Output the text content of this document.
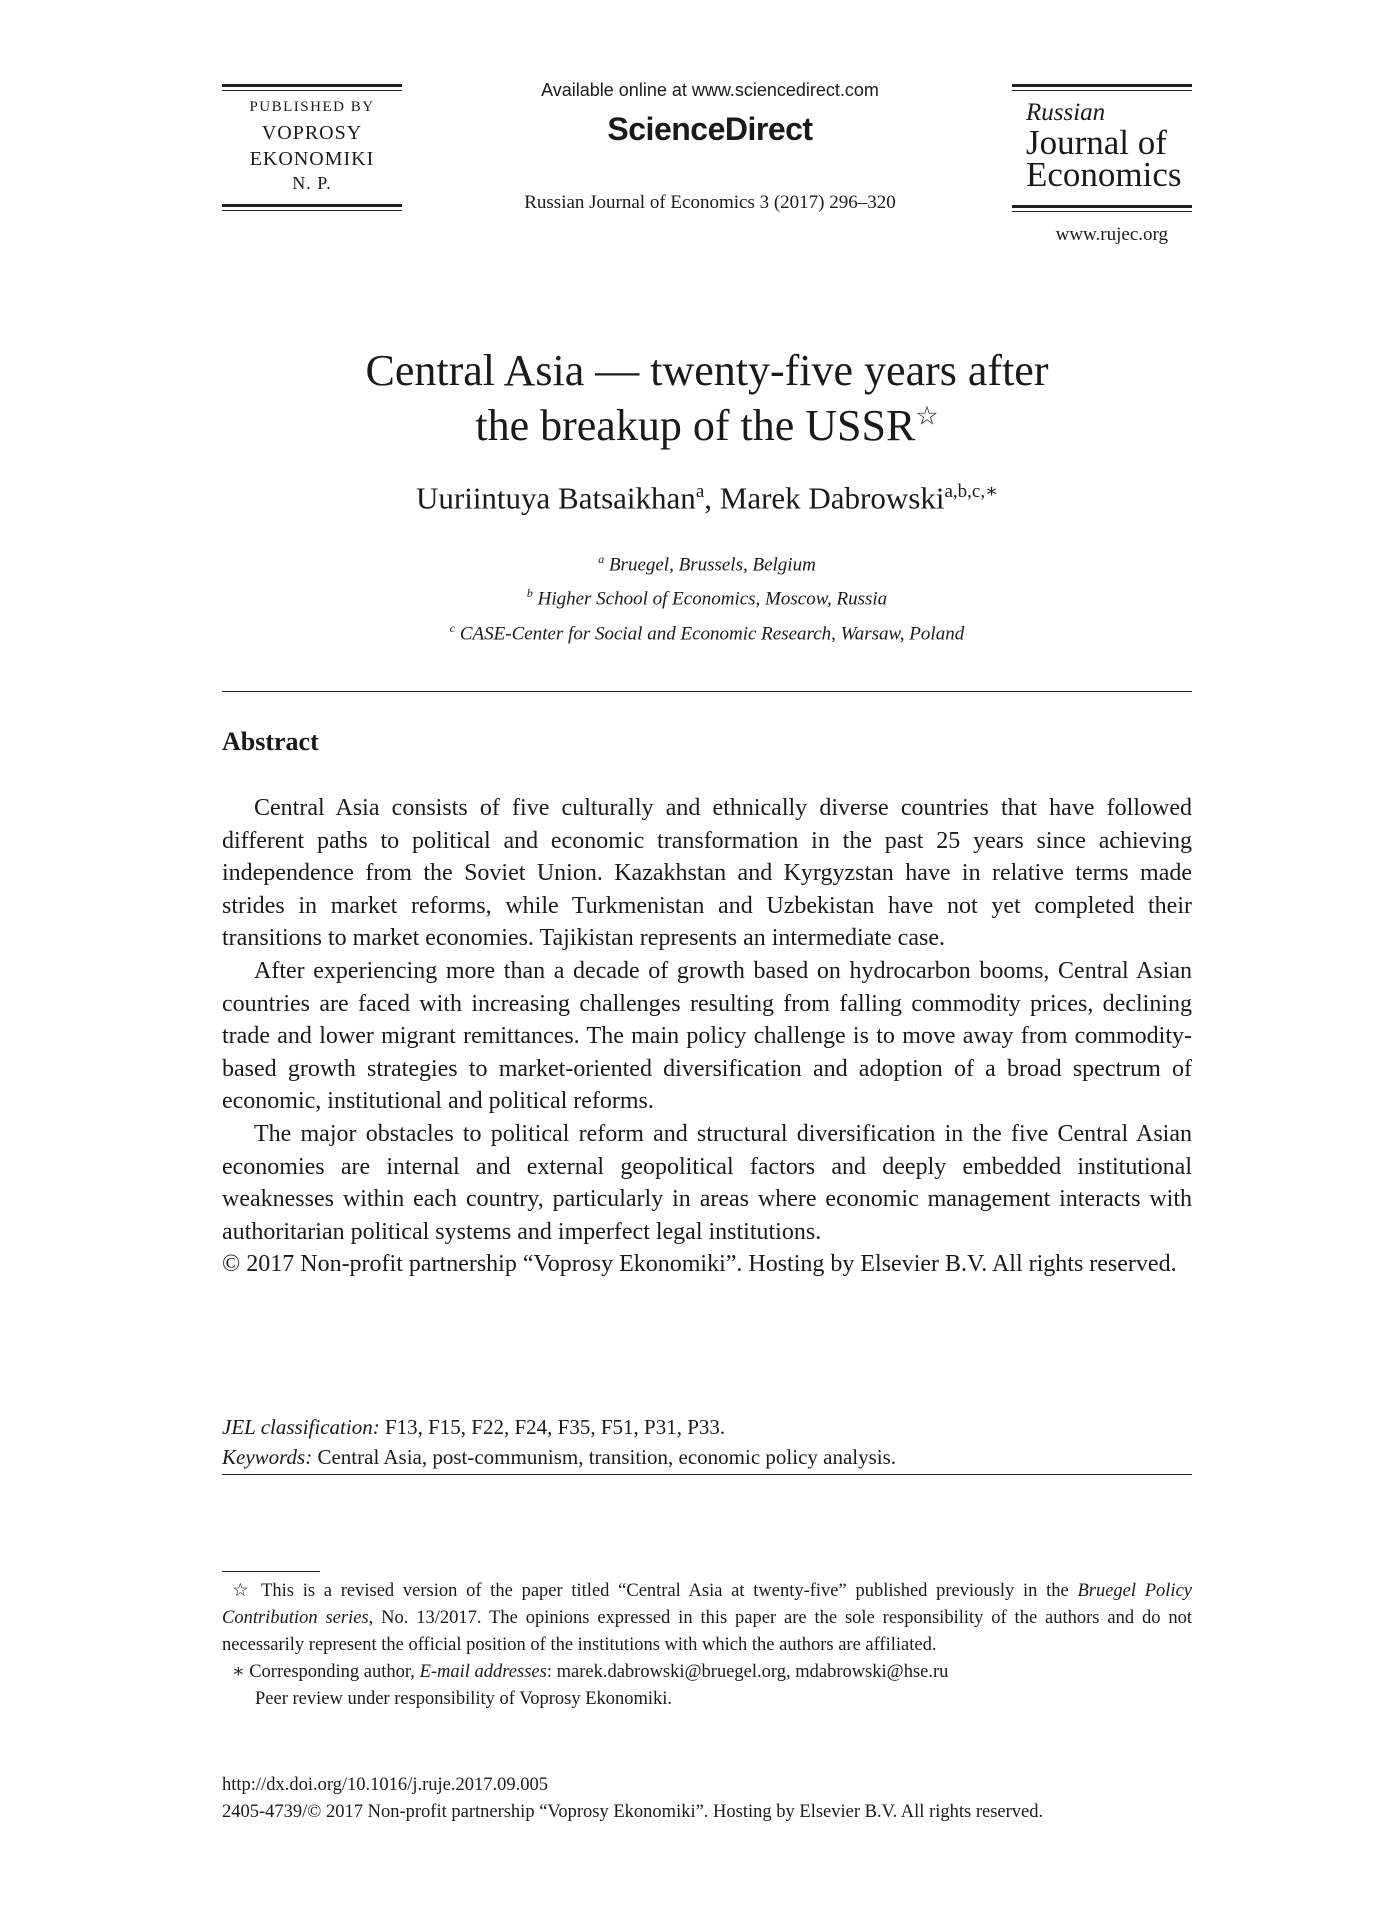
PUBLISHED BY
VOPROSY
EKONOMIKI
N. P.
Available online at www.sciencedirect.com
ScienceDirect
Russian Journal of Economics 3 (2017) 296–320
Russian
Journal of
Economics
www.rujec.org
Central Asia — twenty-five years after
the breakup of the USSR☆
Uuriintuya Batsaikhan$^a$, Marek Dabrowski$^{a,b,c,∗}$
$^a$ Bruegel, Brussels, Belgium
$^b$ Higher School of Economics, Moscow, Russia
$^c$ CASE-Center for Social and Economic Research, Warsaw, Poland
Abstract

Central Asia consists of five culturally and ethnically diverse countries that have followed different paths to political and economic transformation in the past 25 years since achieving independence from the Soviet Union. Kazakhstan and Kyrgyzstan have in relative terms made strides in market reforms, while Turkmenistan and Uzbekistan have not yet completed their transitions to market economies. Tajikistan represents an intermediate case.

After experiencing more than a decade of growth based on hydrocarbon booms, Central Asian countries are faced with increasing challenges resulting from falling commodity prices, declining trade and lower migrant remittances. The main policy challenge is to move away from commodity-based growth strategies to market-oriented diversification and adoption of a broad spectrum of economic, institutional and political reforms.

The major obstacles to political reform and structural diversification in the five Central Asian economies are internal and external geopolitical factors and deeply embedded institutional weaknesses within each country, particularly in areas where economic management interacts with authoritarian political systems and imperfect legal institutions.

© 2017 Non-profit partnership “Voprosy Ekonomiki”. Hosting by Elsevier B.V. All rights reserved.

JEL classification: F13, F15, F22, F24, F35, F51, P31, P33.
Keywords: Central Asia, post-communism, transition, economic policy analysis.

☆ This is a revised version of the paper titled “Central Asia at twenty-five” published previously in the Bruegel Policy Contribution series, No. 13/2017. The opinions expressed in this paper are the sole responsibility of the authors and do not necessarily represent the official position of the institutions with which the authors are affiliated.

∗ Corresponding author, E-mail addresses: marek.dabrowski@bruegel.org, mdabrowski@hse.ru

Peer review under responsibility of Voprosy Ekonomiki.
http://dx.doi.org/10.1016/j.ruje.2017.09.005
2405-4739/© 2017 Non-profit partnership “Voprosy Ekonomiki”. Hosting by Elsevier B.V. All rights reserved.
